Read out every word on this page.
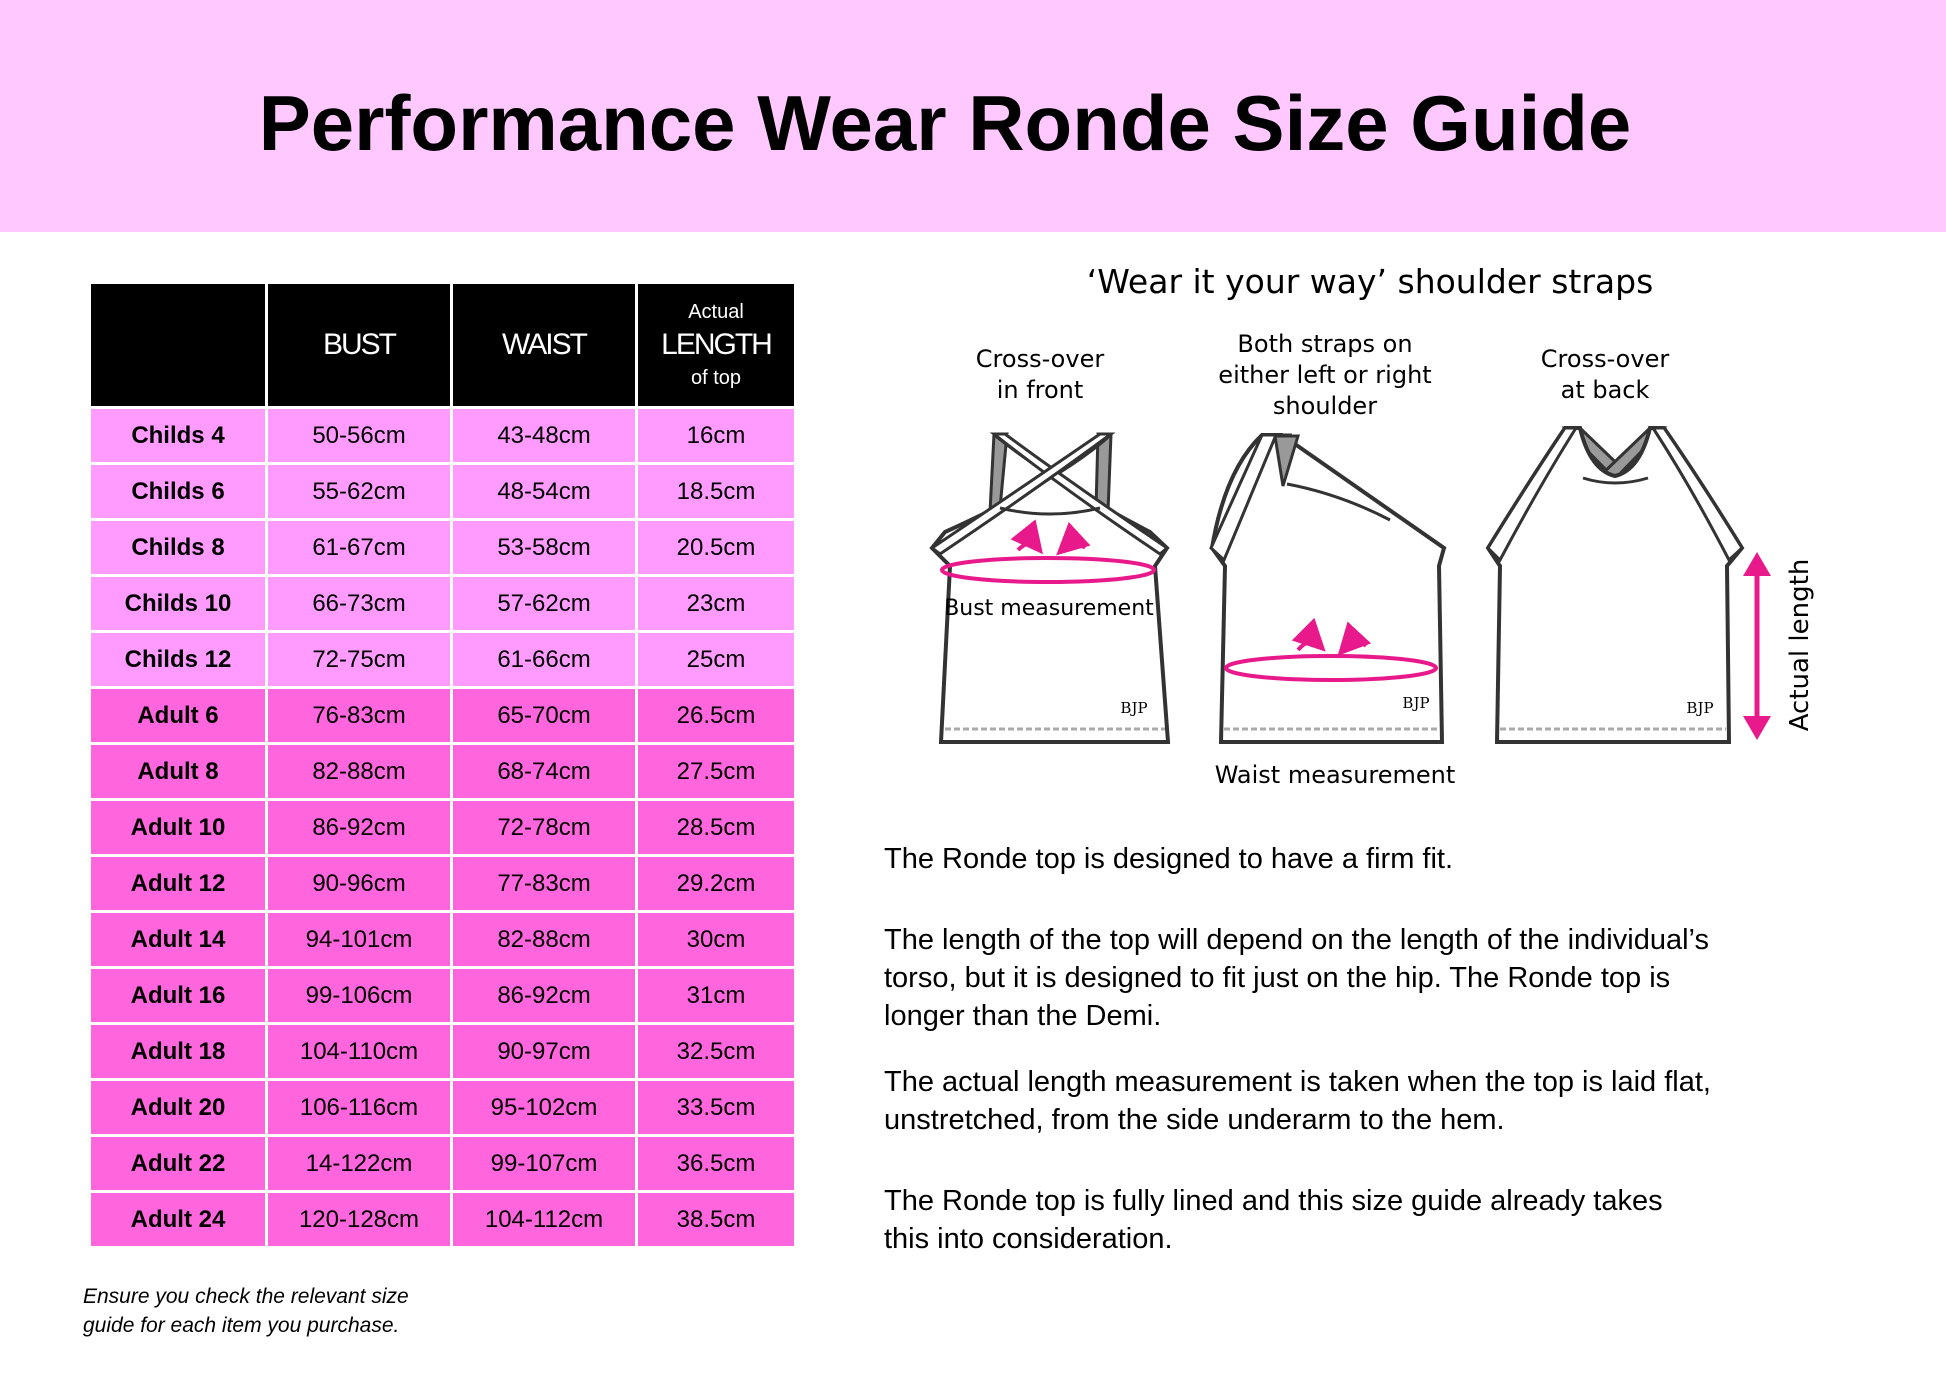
Performance Wear Ronde Size Guide
	BUST	WAIST	Actual
LENGTH
of top

Childs 4	50-56cm	43-48cm	16cm
Childs 6	55-62cm	48-54cm	18.5cm
Childs 8	61-67cm	53-58cm	20.5cm
Childs 10	66-73cm	57-62cm	23cm
Childs 12	72-75cm	61-66cm	25cm
Adult 6	76-83cm	65-70cm	26.5cm
Adult 8	82-88cm	68-74cm	27.5cm
Adult 10	86-92cm	72-78cm	28.5cm
Adult 12	90-96cm	77-83cm	29.2cm
Adult 14	94-101cm	82-88cm	30cm
Adult 16	99-106cm	86-92cm	31cm
Adult 18	104-110cm	90-97cm	32.5cm
Adult 20	106-116cm	95-102cm	33.5cm
Adult 22	14-122cm	99-107cm	36.5cm
Adult 24	120-128cm	104-112cm	38.5cm
Ensure you check the relevant size
guide for each item you purchase.
‘Wear it your way’ shoulder straps
Cross-over
in front
Both straps on
either left or right
shoulder
Cross-over
at back
Bust measurement
BJP	BJP	BJP	Actual length
Waist measurement
The Ronde top is designed to have a firm fit.
The length of the top will depend on the length of the individual’s
torso, but it is designed to fit just on the hip. The Ronde top is
longer than the Demi.
The actual length measurement is taken when the top is laid flat,
unstretched, from the side underarm to the hem.
The Ronde top is fully lined and this size guide already takes
this into consideration.
